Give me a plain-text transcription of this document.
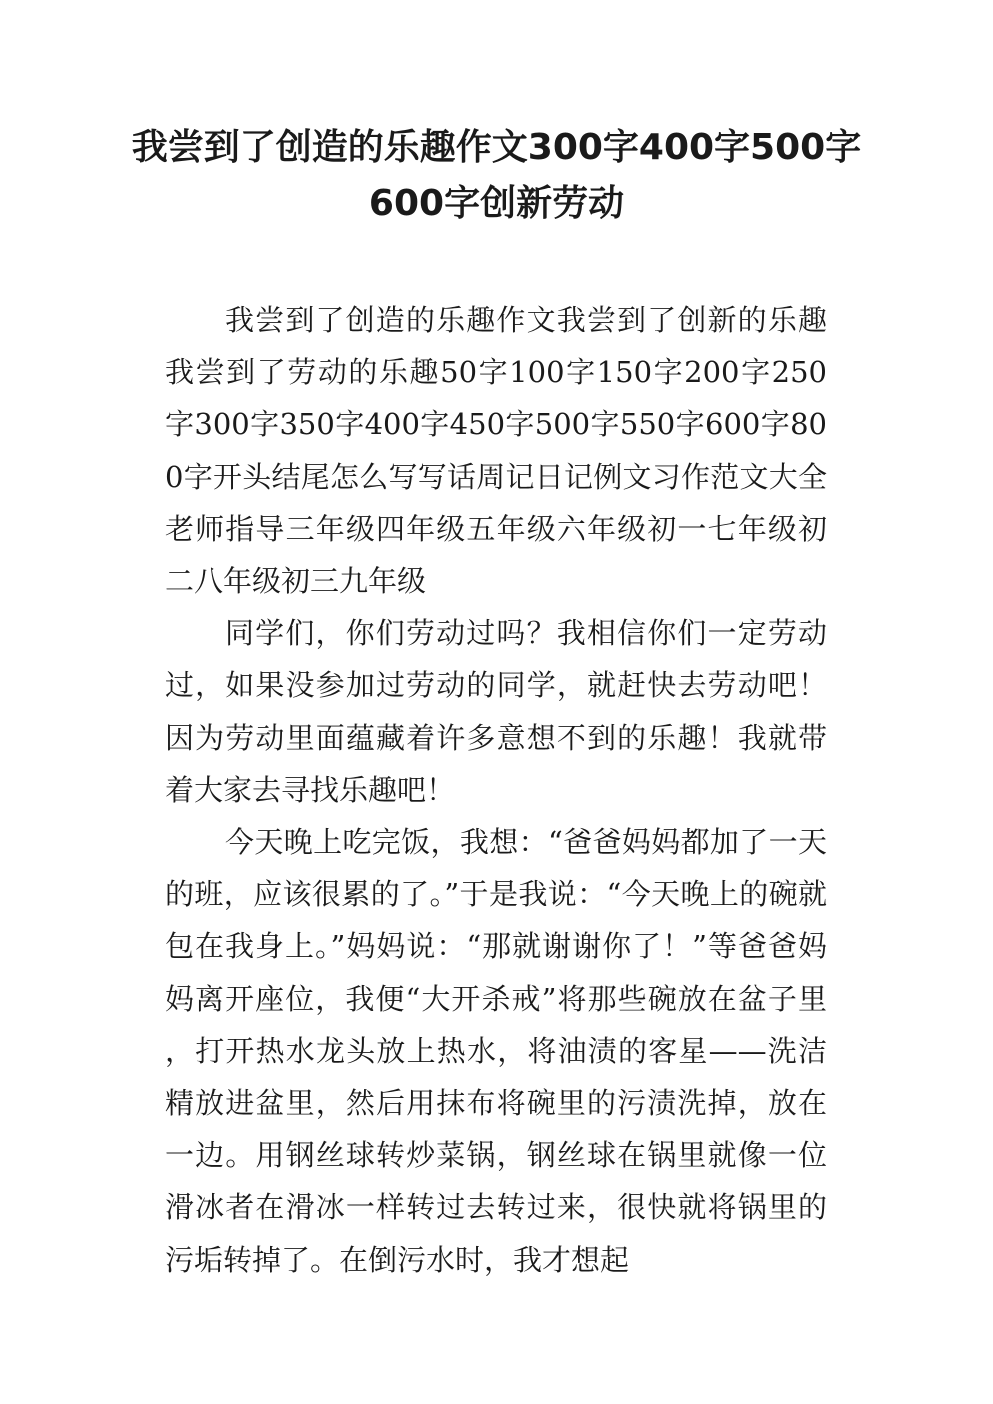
我尝到了创造的乐趣作文300字400字500字600字创新劳动

我尝到了创造的乐趣作文我尝到了创新的乐趣我尝到了劳动的乐趣50字100字150字200字250字300字350字400字450字500字550字600字800字开头结尾怎么写写话周记日记例文习作范文大全老师指导三年级四年级五年级六年级初一七年级初二八年级初三九年级

同学们，你们劳动过吗？我相信你们一定劳动过，如果没参加过劳动的同学，就赶快去劳动吧！因为劳动里面蕴藏着许多意想不到的乐趣！我就带着大家去寻找乐趣吧！

今天晚上吃完饭，我想：“爸爸妈妈都加了一天的班，应该很累的了。”于是我说：“今天晚上的碗就包在我身上。”妈妈说：“那就谢谢你了！”等爸爸妈妈离开座位，我便“大开杀戒”将那些碗放在盆子里，打开热水龙头放上热水，将油渍的客星——洗洁精放进盆里，然后用抹布将碗里的污渍洗掉，放在一边。用钢丝球转炒菜锅，钢丝球在锅里就像一位滑冰者在滑冰一样转过去转过来，很快就将锅里的污垢转掉了。在倒污水时，我才想起
